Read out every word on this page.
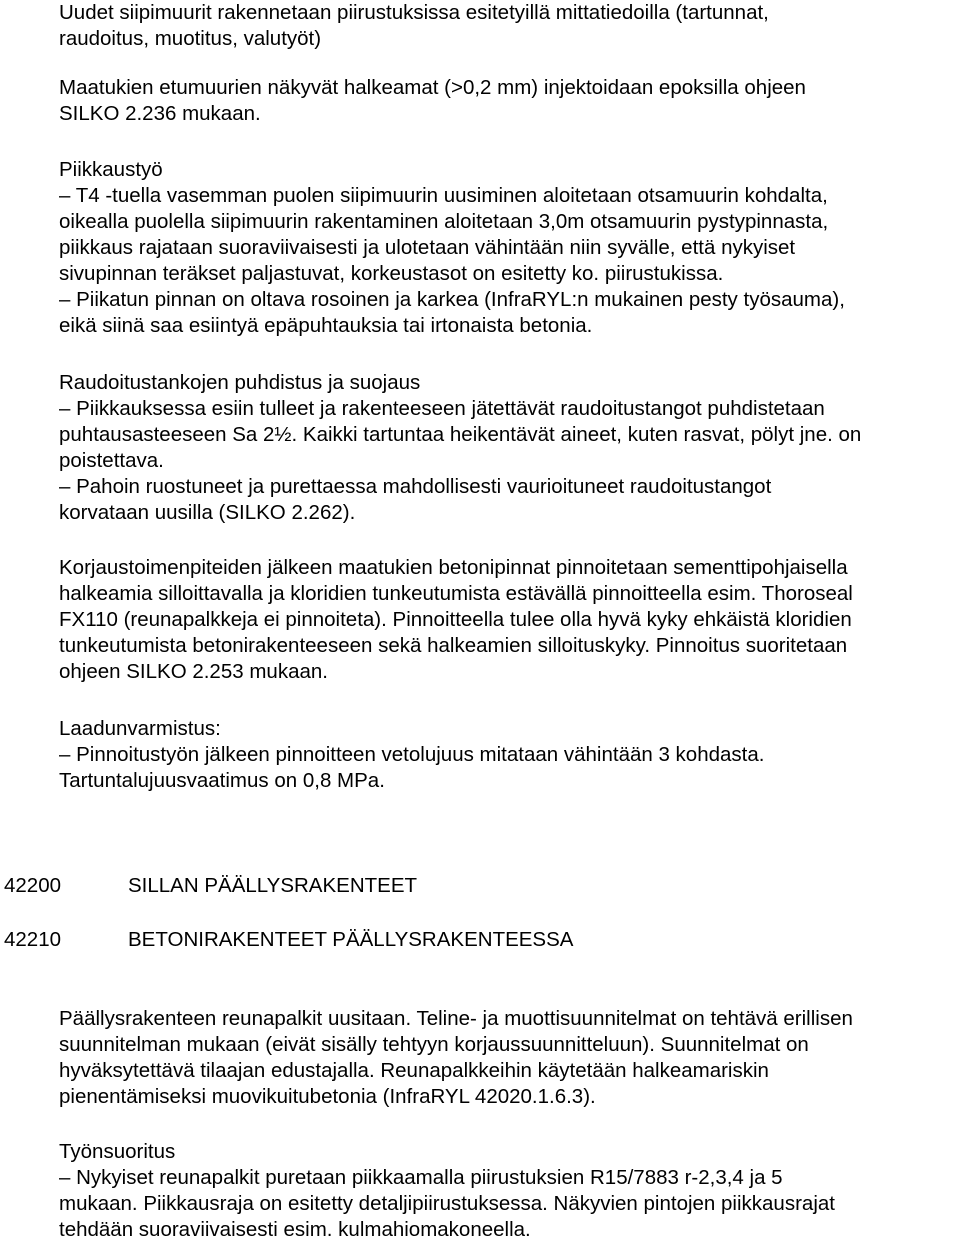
Uudet siipimuurit rakennetaan piirustuksissa esitetyillä mittatiedoilla (tartunnat,

raudoitus, muotitus, valutyöt)

Maatukien etumuurien näkyvät halkeamat (>0,2 mm) injektoidaan epoksilla ohjeen

SILKO 2.236 mukaan.

Piikkaustyö

– T4 -tuella vasemman puolen siipimuurin uusiminen aloitetaan otsamuurin kohdalta,

oikealla puolella siipimuurin rakentaminen aloitetaan 3,0m otsamuurin pystypinnasta,

piikkaus rajataan suoraviivaisesti ja ulotetaan vähintään niin syvälle, että nykyiset

sivupinnan teräkset paljastuvat, korkeustasot on esitetty ko. piirustukissa.

– Piikatun pinnan on oltava rosoinen ja karkea (InfraRYL:n mukainen pesty työsauma),

eikä siinä saa esiintyä epäpuhtauksia tai irtonaista betonia.

Raudoitustankojen puhdistus ja suojaus

– Piikkauksessa esiin tulleet ja rakenteeseen jätettävät raudoitustangot puhdistetaan

puhtausasteeseen Sa 2½. Kaikki tartuntaa heikentävät aineet, kuten rasvat, pölyt jne. on

poistettava.

– Pahoin ruostuneet ja purettaessa mahdollisesti vaurioituneet raudoitustangot

korvataan uusilla (SILKO 2.262).

Korjaustoimenpiteiden jälkeen maatukien betonipinnat pinnoitetaan sementtipohjaisella

halkeamia silloittavalla ja kloridien tunkeutumista estävällä pinnoitteella esim. Thoroseal

FX110 (reunapalkkeja ei pinnoiteta). Pinnoitteella tulee olla hyvä kyky ehkäistä kloridien

tunkeutumista betonirakenteeseen sekä halkeamien silloituskyky. Pinnoitus suoritetaan

ohjeen SILKO 2.253 mukaan.

Laadunvarmistus:

– Pinnoitustyön jälkeen pinnoitteen vetolujuus mitataan vähintään 3 kohdasta.

Tartuntalujuusvaatimus on 0,8 MPa.

42200	SILLAN PÄÄLLYSRAKENTEET
42210	BETONIRAKENTEET PÄÄLLYSRAKENTEESSA

Päällysrakenteen reunapalkit uusitaan. Teline- ja muottisuunnitelmat on tehtävä erillisen

suunnitelman mukaan (eivät sisälly tehtyyn korjaussuunnitteluun). Suunnitelmat on

hyväksytettävä tilaajan edustajalla. Reunapalkkeihin käytetään halkeamariskin

pienentämiseksi muovikuitubetonia (InfraRYL 42020.1.6.3).

Työnsuoritus

– Nykyiset reunapalkit puretaan piikkaamalla piirustuksien R15/7883 r-2,3,4 ja 5

mukaan. Piikkausraja on esitetty detaljipiirustuksessa. Näkyvien pintojen piikkausrajat

tehdään suoraviivaisesti esim. kulmahiomakoneella.
